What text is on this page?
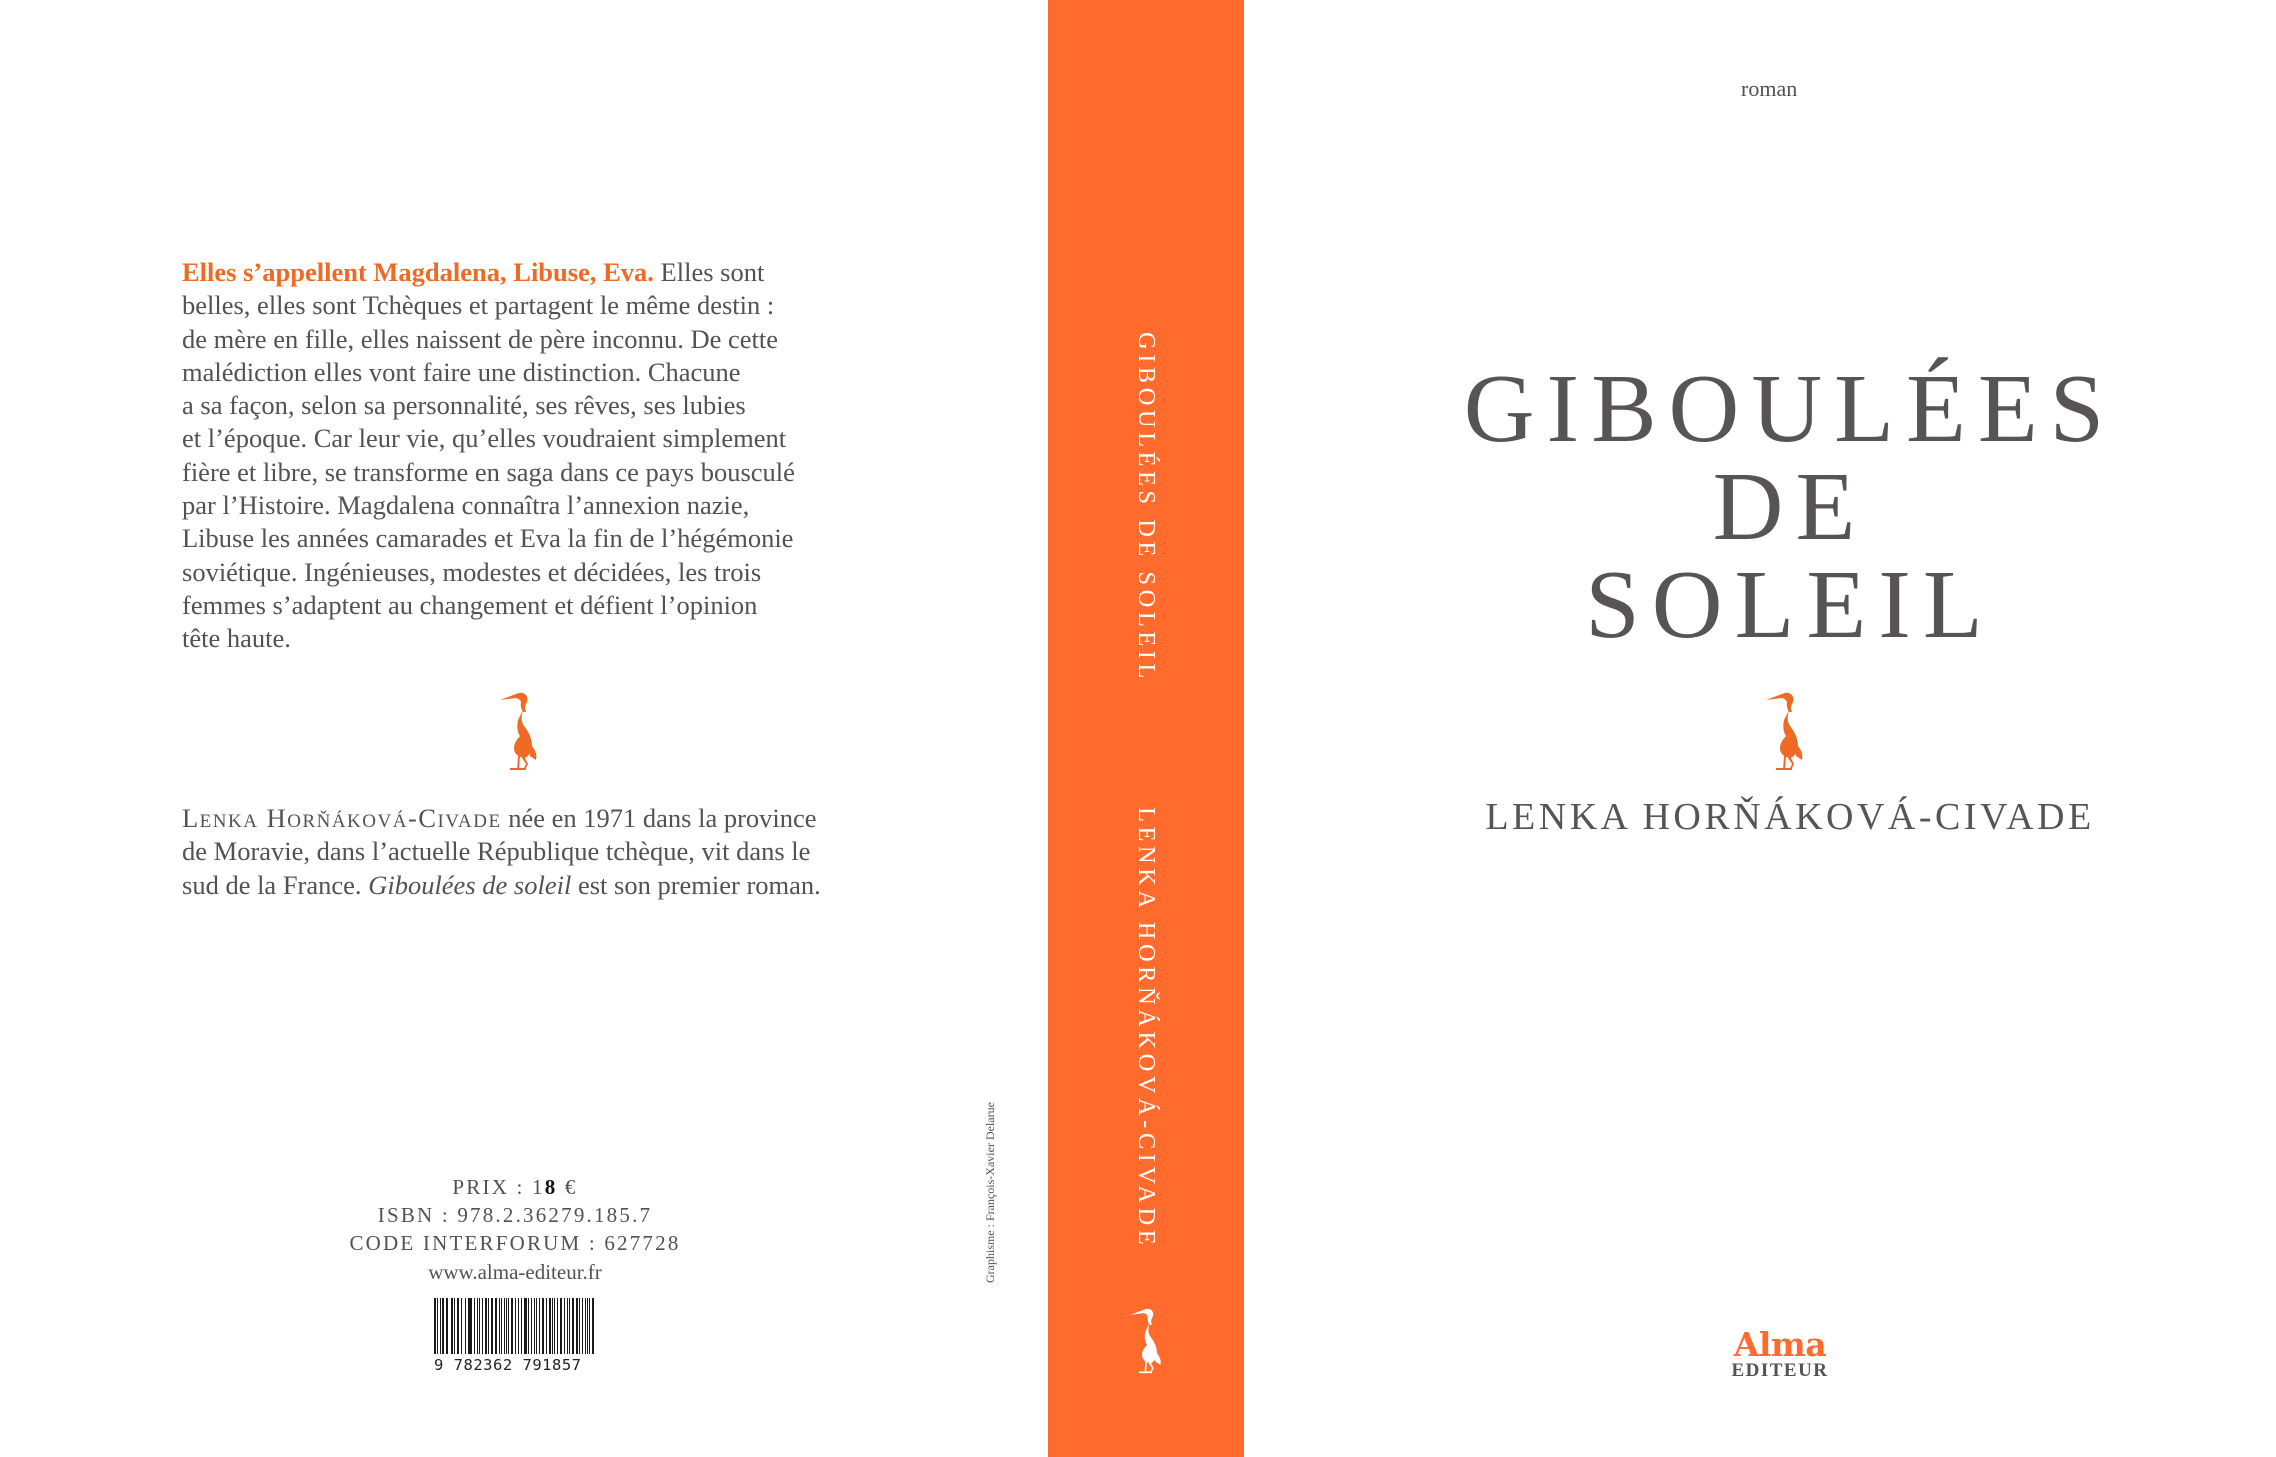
Elles s’appellent Magdalena, Libuse, Eva. Elles sont
belles, elles sont Tchèques et partagent le même destin :
de mère en fille, elles naissent de père inconnu. De cette
malédiction elles vont faire une distinction. Chacune
a sa façon, selon sa personnalité, ses rêves, ses lubies
et l’époque. Car leur vie, qu’elles voudraient simplement
fière et libre, se transforme en saga dans ce pays bousculé
par l’Histoire. Magdalena connaîtra l’annexion nazie,
Libuse les années camarades et Eva la fin de l’hégémonie
soviétique. Ingénieuses, modestes et décidées, les trois
femmes s’adaptent au changement et défient l’opinion
tête haute.
Lenka Horňáková-Civade née en 1971 dans la province
de Moravie, dans l’actuelle République tchèque, vit dans le
sud de la France. Giboulées de soleil est son premier roman.
PRIX : 18 €
ISBN : 978.2.36279.185.7
CODE INTERFORUM : 627728
www.alma-editeur.fr
9 782362 791857
Graphisme : François-Xavier Delarue
GIBOULÉES DE SOLEIL
LENKA HORŇÁKOVÁ-CIVADE
roman
GIBOULÉES
DE
SOLEIL
LENKA HORŇÁKOVÁ-CIVADE
Alma
EDITEUR
